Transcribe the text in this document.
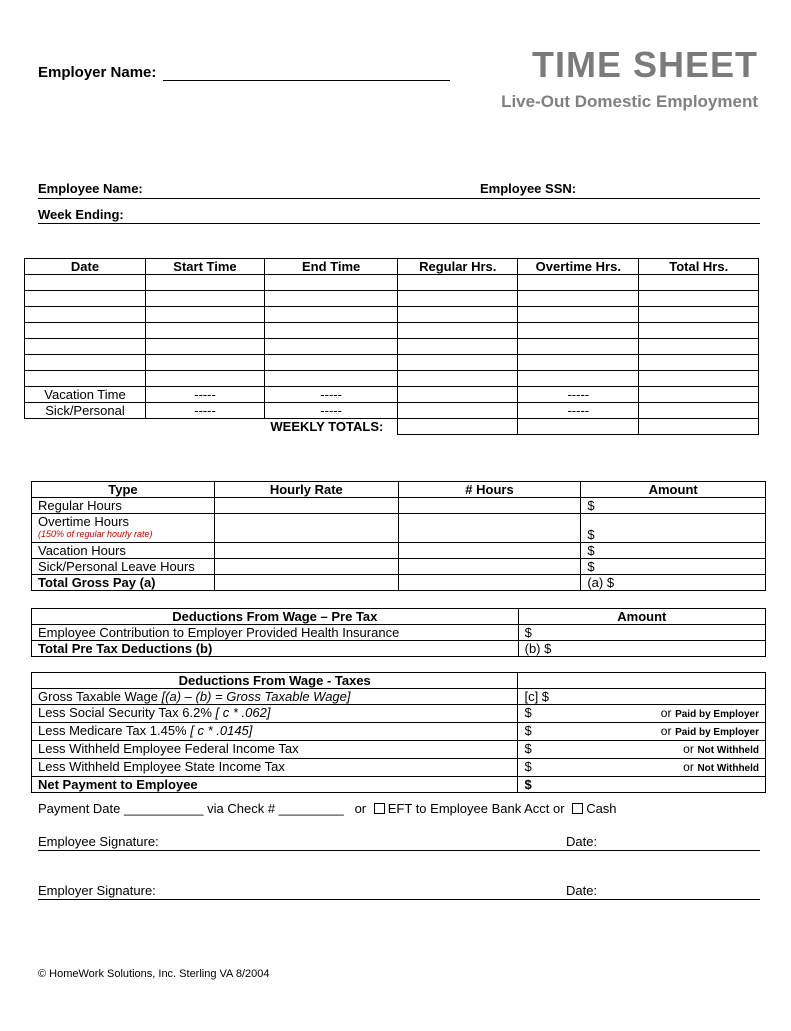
Employer Name:	TIME SHEET
Live-Out Domestic Employment
Employee Name:	Employee SSN:
Week Ending:
Date	Start Time	End Time	Regular Hrs.	Overtime Hrs.	Total Hrs.

Vacation Time	-----	-----		-----	
Sick/Personal	-----	-----		-----	
		WEEKLY TOTALS:			
Type	Hourly Rate	# Hours	Amount
Regular Hours			$
Overtime Hours
(150% of regular hourly rate)			$
Vacation Hours			$
Sick/Personal Leave Hours			$
Total Gross Pay (a)			(a) $
Deductions From Wage – Pre Tax	Amount
Employee Contribution to Employer Provided Health Insurance	$
Total Pre Tax Deductions (b)	(b) $
Deductions From Wage - Taxes	
Gross Taxable Wage [(a) – (b) = Gross Taxable Wage]	[c] $
Less Social Security Tax 6.2% [ c * .062]	$ or Paid by Employer

Less Medicare Tax 1.45% [ c * .0145]	$ or Paid by Employer

Less Withheld Employee Federal Income Tax	$ or Not Withheld

Less Withheld Employee State Income Tax	$ or Not Withheld

Net Payment to Employee	$
Payment Date ___________ via Check # _________ or EFT to Employee Bank Acct or Cash
Employee Signature:	Date:
Employer Signature:	Date:
© HomeWork Solutions, Inc. Sterling VA 8/2004
